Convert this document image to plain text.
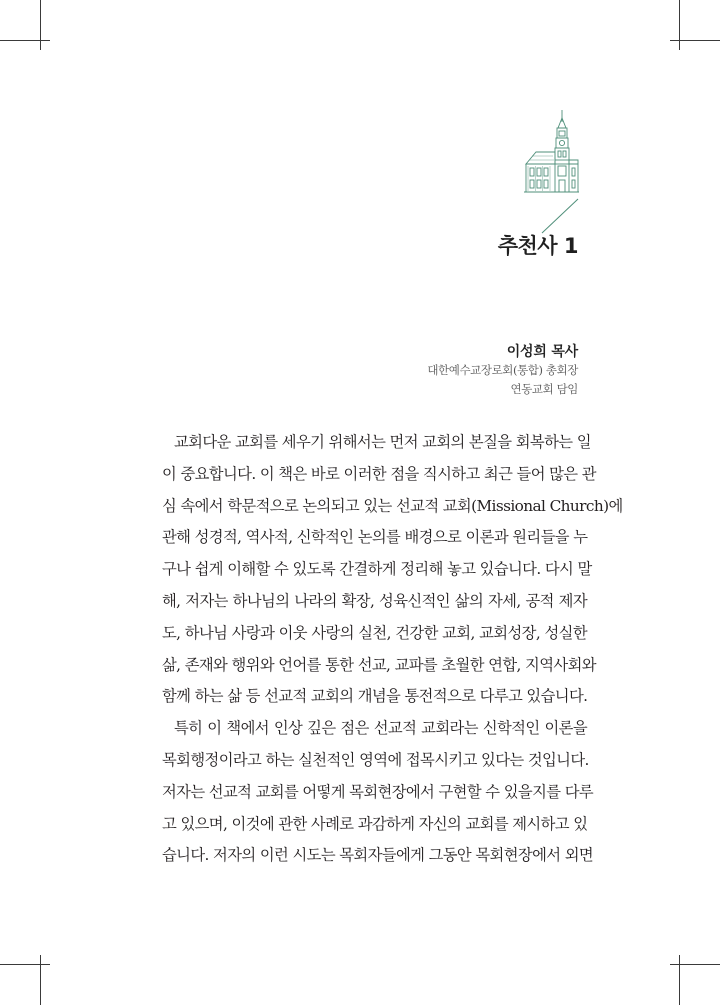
추천사 1
이성희 목사
대한예수교장로회(통합) 총회장
연동교회 담임
교회다운 교회를 세우기 위해서는 먼저 교회의 본질을 회복하는 일
이 중요합니다. 이 책은 바로 이러한 점을 직시하고 최근 들어 많은 관
심 속에서 학문적으로 논의되고 있는 선교적 교회(Missional Church)에
관해 성경적, 역사적, 신학적인 논의를 배경으로 이론과 원리들을 누
구나 쉽게 이해할 수 있도록 간결하게 정리해 놓고 있습니다. 다시 말
해, 저자는 하나님의 나라의 확장, 성육신적인 삶의 자세, 공적 제자
도, 하나님 사랑과 이웃 사랑의 실천, 건강한 교회, 교회성장, 성실한
삶, 존재와 행위와 언어를 통한 선교, 교파를 초월한 연합, 지역사회와
함께 하는 삶 등 선교적 교회의 개념을 통전적으로 다루고 있습니다.
특히 이 책에서 인상 깊은 점은 선교적 교회라는 신학적인 이론을
목회행정이라고 하는 실천적인 영역에 접목시키고 있다는 것입니다.
저자는 선교적 교회를 어떻게 목회현장에서 구현할 수 있을지를 다루
고 있으며, 이것에 관한 사례로 과감하게 자신의 교회를 제시하고 있
습니다. 저자의 이런 시도는 목회자들에게 그동안 목회현장에서 외면
